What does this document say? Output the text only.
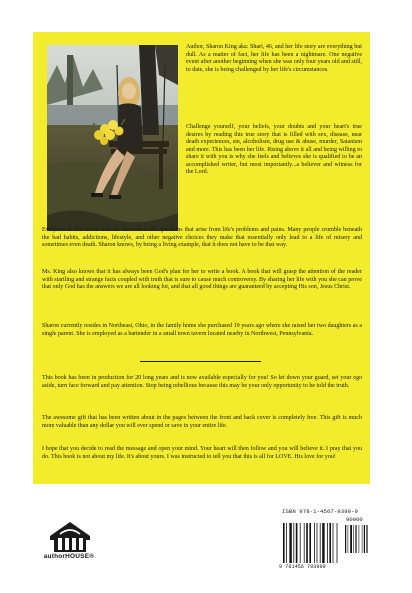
Author, Sharon King aka: Shari, 46, and her life story are everything but dull. As a matter of fact, her life has been a nightmare. One negative event after another beginning when she was only four years old and still, to date, she is being challenged by her life's circumstances.

Challenge yourself, your beliefs, your doubts and your heart's true desires by reading this true story that is filled with sex, disease, near death experiences, sin, alcoholism, drug use & abuse, murder, Satanism and more. This has been her life. Rising above it all and being willing to share it with you is why she feels and believes she is qualified to be an accomplished writer, but most importantly...a believer and witness for the Lord.

Everyone in this world seek the answers to the questions that arise from life's problems and pains. Many people crumble beneath the bad habits, addictions, lifestyle, and other negative choices they make that essentially only lead to a life of misery and sometimes even death. Sharon knows, by being a living example, that it does not have to be that way.

Ms. King also knows that it has always been God's plan for her to write a book. A book that will grasp the attention of the reader with startling and strange facts coupled with truth that is sure to cause much controversy. By sharing her life with you she can prove that only God has the answers we are all looking for, and that all good things are guaranteed by accepting His son, Jesus Christ.

Sharon currently resides in Northeast, Ohio, in the family home she purchased 19 years ago where she raised her two daughters as a single parent. She is employed as a bartender in a small town tavern located nearby in Northwest, Pennsylvania.

This book has been in production for 20 long years and is now available especially for you! So let down your guard, set your ego aside, turn face forward and pay attention. Stop being rebellious because this may be your only opportunity to be told the truth.

The awesome gift that has been written about in the pages between the front and back cover is completely free. This gift is much more valuable than any dollar you will ever spend or save in your entire life.

I hope that you decide to read the message and open your mind. Your heart will then follow and you will believe it. I pray that you do. This book is not about my life. It's about yours. I was instructed to tell you that this is all for LOVE. His love for you!

authorHOUSE®
ISBN 978-1-4567-9399-9
90000
9 781456 793999
